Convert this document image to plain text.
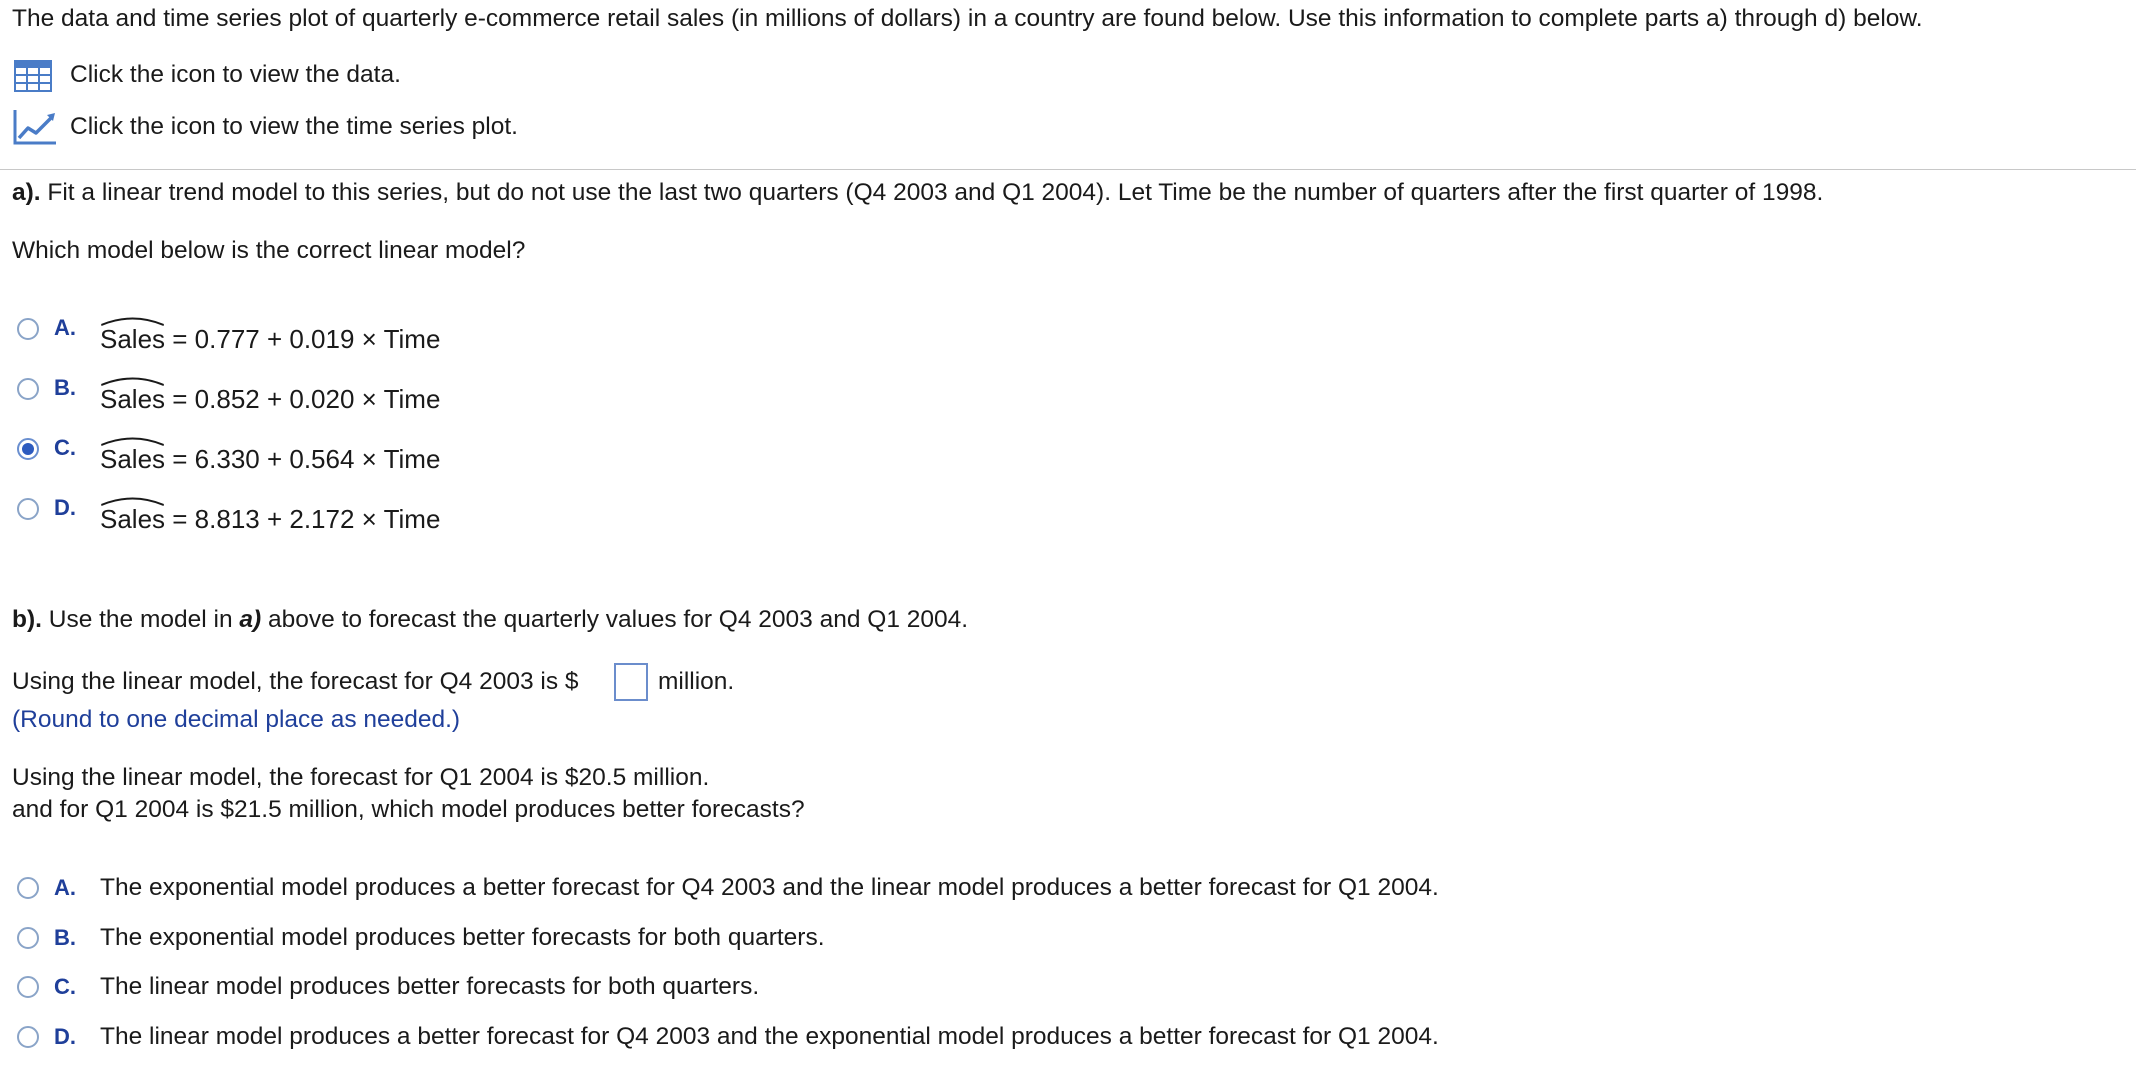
The data and time series plot of quarterly e-commerce retail sales (in millions of dollars) in a country are found below. Use this information to complete parts a) through d) below.
Click the icon to view the data.
Click the icon to view the time series plot.
a). Fit a linear trend model to this series, but do not use the last two quarters (Q4 2003 and Q1 2004). Let Time be the number of quarters after the first quarter of 1998.
Which model below is the correct linear model?
A. Sales = 0.777 + 0.019 × Time
B. Sales = 0.852 + 0.020 × Time
C. Sales = 6.330 + 0.564 × Time
D. Sales = 8.813 + 2.172 × Time
b). Use the model in a) above to forecast the quarterly values for Q4 2003 and Q1 2004.
Using the linear model, the forecast for Q4 2003 is $	million.
(Round to one decimal place as needed.)
Using the linear model, the forecast for Q1 2004 is $20.5 million.
and for Q1 2004 is $21.5 million, which model produces better forecasts?
A. The exponential model produces a better forecast for Q4 2003 and the linear model produces a better forecast for Q1 2004.
B. The exponential model produces better forecasts for both quarters.
C. The linear model produces better forecasts for both quarters.
D. The linear model produces a better forecast for Q4 2003 and the exponential model produces a better forecast for Q1 2004.
